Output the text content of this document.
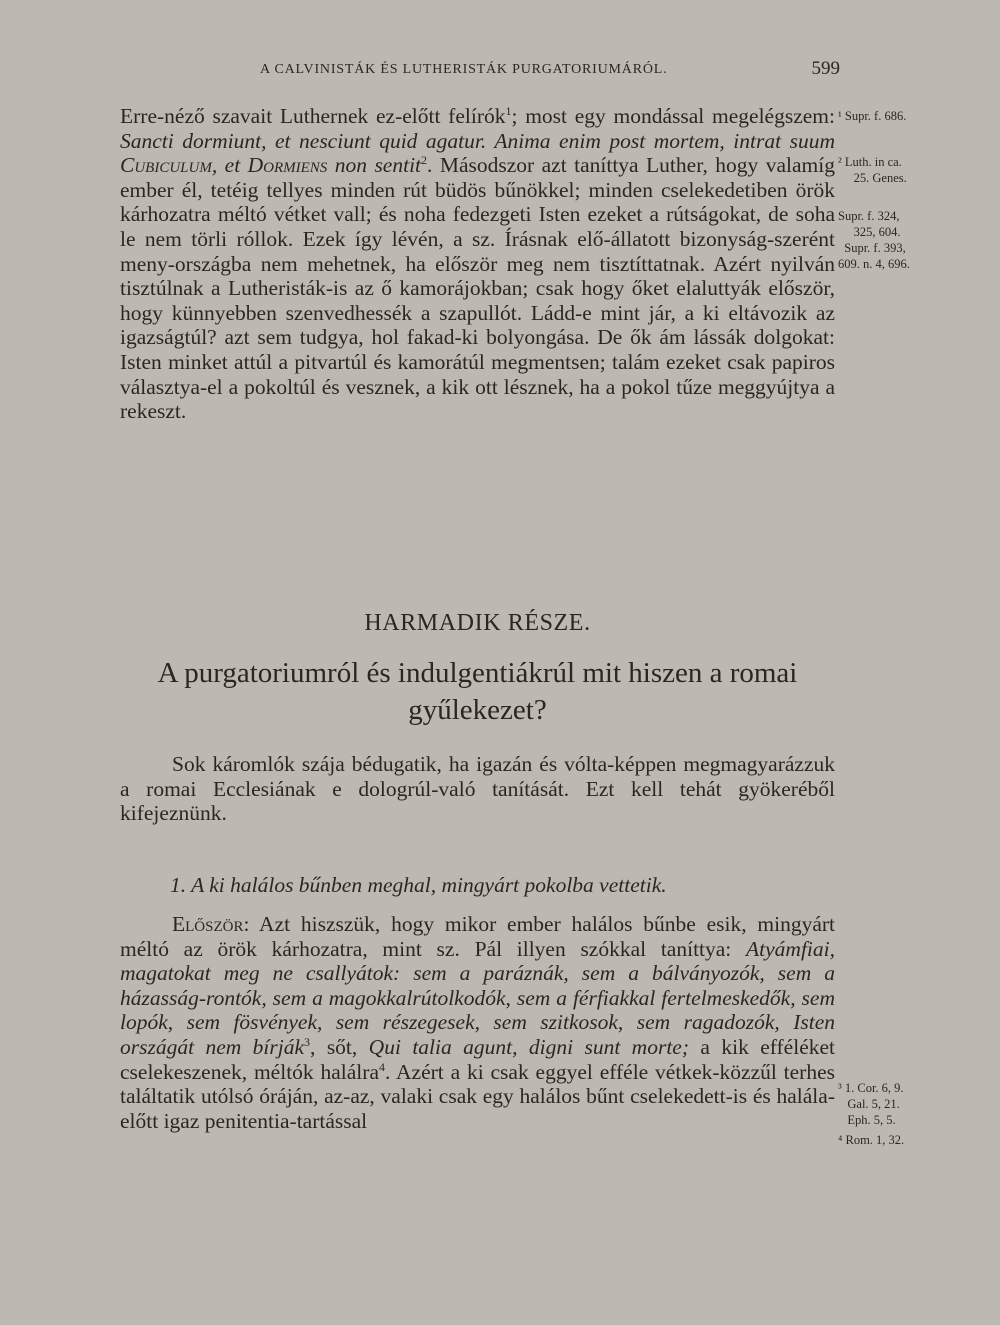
A CALVINISTÁK ÉS LUTHERISTÁK PURGATORIUMÁRÓL.	599

Erre-néző szavait Luthernek ez-előtt felírók$^1$; most egy mondással megelégszem: Sancti dormiunt, et nesciunt quid agatur. Anima enim post mortem, intrat suum Cubiculum, et Dormiens non sentit$^2$. Másodszor azt taníttya Luther, hogy valamíg ember él, tetéig tellyes minden rút büdös bűnökkel; minden cselekedetiben örök kárhozatra méltó vétket vall; és noha fedezgeti Isten ezeket a rútságokat, de soha le nem törli róllok. Ezek így lévén, a sz. Írásnak elő-állatott bizonyság-szerént meny-országba nem mehetnek, ha először meg nem tisztíttatnak. Azért nyilván tisztúlnak a Lutheristák-is az ő kamorájokban; csak hogy őket elaluttyák először, hogy künnyebben szenvedhessék a szapullót. Ládd-e mint jár, a ki eltávozik az igazságtúl? azt sem tudgya, hol fakad-ki bolyongása. De ők ám lássák dolgokat: Isten minket attúl a pitvartúl és kamorátúl megmentsen; talám ezeket csak papiros választya-el a pokoltúl és vesznek, a kik ott lésznek, ha a pokol tűze meggyújtya a rekeszt.

¹ Supr. f. 686.

² Luth. in ca.

25. Genes.

Supr. f. 324,

325, 604.

Supr. f. 393,

609. n. 4, 696.

HARMADIK RÉSZE.
A purgatoriumról és indulgentiákrúl mit hiszen a romai gyűlekezet?

Sok káromlók szája bédugatik, ha igazán és vólta-képpen megmagyarázzuk a romai Ecclesiának e dologrúl-való tanítását. Ezt kell tehát gyökeréből kifejeznünk.

1. A ki halálos bűnben meghal, mingyárt pokolba vettetik.

Először: Azt hiszszük, hogy mikor ember halálos bűnbe esik, mingyárt méltó az örök kárhozatra, mint sz. Pál illyen szókkal taníttya: Atyámfiai, magatokat meg ne csallyátok: sem a paráznák, sem a bálványozók, sem a házasság-rontók, sem a magokkalrútolkodók, sem a férfiakkal fertelmeskedők, sem lopók, sem fösvények, sem részegesek, sem szitkosok, sem ragadozók, Isten országát nem bírják$^3$, sőt, Qui talia agunt, digni sunt morte; a kik efféléket cselekeszenek, méltók halálra$^4$. Azért a ki csak eggyel efféle vétkek-közzűl terhes találtatik utólsó óráján, az-az, valaki csak egy halálos bűnt cselekedett-is és halála-előtt igaz penitentia-tartással

³ 1. Cor. 6, 9.

Gal. 5, 21.

Eph. 5, 5.

⁴ Rom. 1, 32.
